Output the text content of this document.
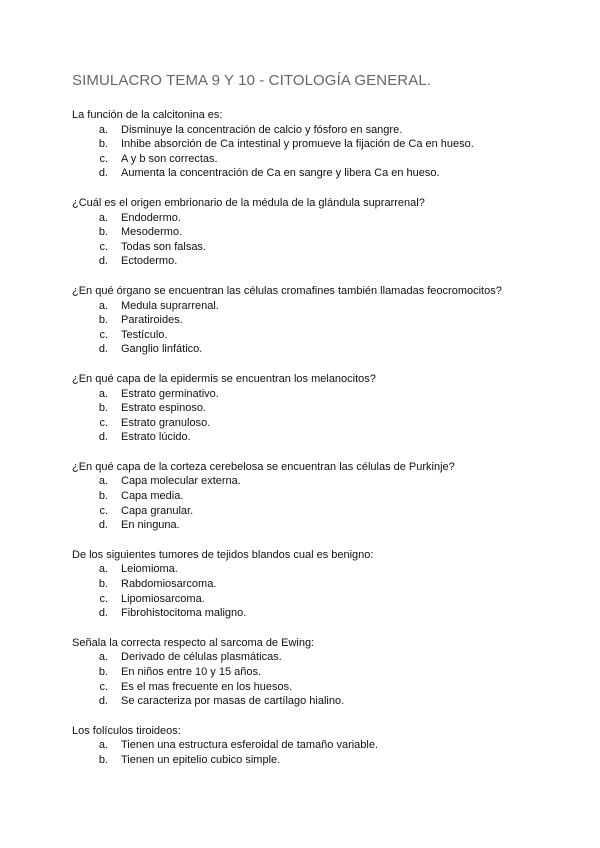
SIMULACRO TEMA 9 Y 10 - CITOLOGÍA GENERAL.
La función de la calcitonina es:
a.	Disminuye la concentración de calcio y fósforo en sangre.
b.	Inhibe absorción de Ca intestinal y promueve la fijación de Ca en hueso.
c.	A y b son correctas.
d.	Aumenta la concentración de Ca en sangre y libera Ca en hueso.
¿Cuál es el origen embrionario de la médula de la glándula suprarrenal?
a.	Endodermo.
b.	Mesodermo.
c.	Todas son falsas.
d.	Ectodermo.
¿En qué órgano se encuentran las células cromafines también llamadas feocromocitos?
a.	Medula suprarrenal.
b.	Paratiroides.
c.	Testículo.
d.	Ganglio linfático.
¿En qué capa de la epidermis se encuentran los melanocitos?
a.	Estrato germinativo.
b.	Estrato espinoso.
c.	Estrato granuloso.
d.	Estrato lúcido.
¿En qué capa de la corteza cerebelosa se encuentran las células de Purkinje?
a.	Capa molecular externa.
b.	Capa media.
c.	Capa granular.
d.	En ninguna.
De los siguientes tumores de tejidos blandos cual es benigno:
a.	Leiomioma.
b.	Rabdomiosarcoma.
c.	Lipomiosarcoma.
d.	Fibrohistocitoma maligno.
Señala la correcta respecto al sarcoma de Ewing:
a.	Derivado de células plasmáticas.
b.	En niños entre 10 y 15 años.
c.	Es el mas frecuente en los huesos.
d.	Se caracteriza por masas de cartílago hialino.
Los folículos tiroideos:
a.	Tienen una estructura esferoidal de tamaño variable.
b.	Tienen un epitelio cubico simple.
